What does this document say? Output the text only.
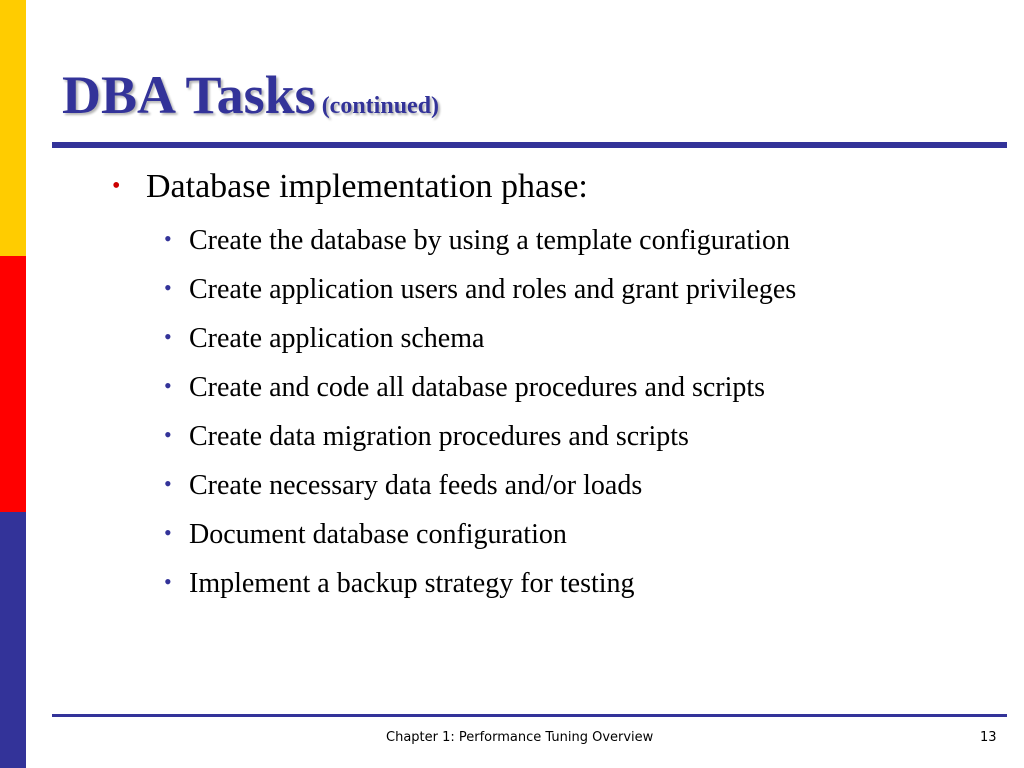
DBA Tasks (continued)
• Database implementation phase:
• Create the database by using a template configuration
• Create application users and roles and grant privileges
• Create application schema
• Create and code all database procedures and scripts
• Create data migration procedures and scripts
• Create necessary data feeds and/or loads
• Document database configuration
• Implement a backup strategy for testing
Chapter 1: Performance Tuning Overview	13
